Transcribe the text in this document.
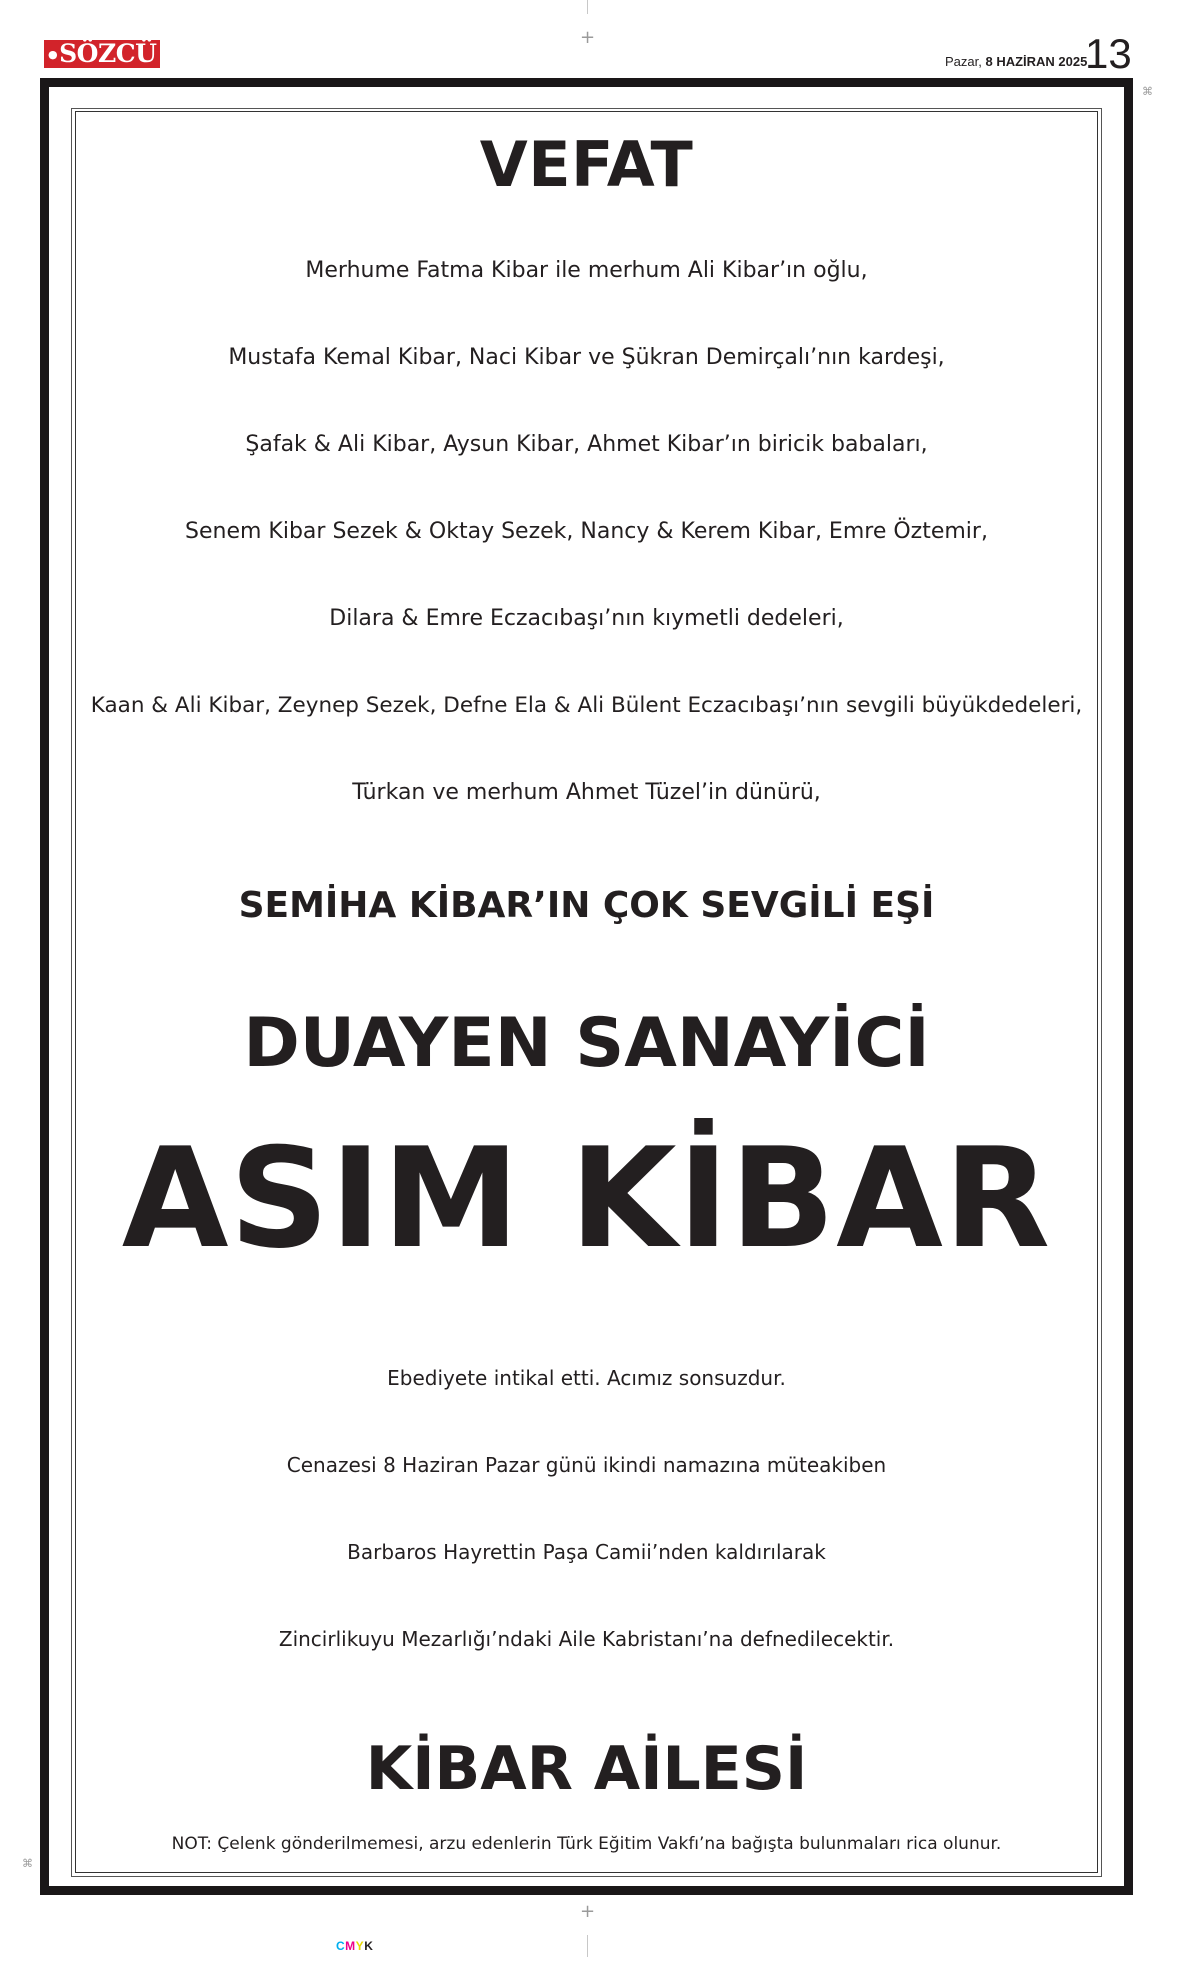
● SÖZCÜ	Pazar, 8 HAZİRAN 2025
13
+
+
⌘
⌘
VEFAT
Merhume Fatma Kibar ile merhum Ali Kibar’ın oğlu,
Mustafa Kemal Kibar, Naci Kibar ve Şükran Demirçalı’nın kardeşi,
Şafak & Ali Kibar, Aysun Kibar, Ahmet Kibar’ın biricik babaları,
Senem Kibar Sezek & Oktay Sezek, Nancy & Kerem Kibar, Emre Öztemir,
Dilara & Emre Eczacıbaşı’nın kıymetli dedeleri,
Kaan & Ali Kibar, Zeynep Sezek, Defne Ela & Ali Bülent Eczacıbaşı’nın sevgili büyükdedeleri,
Türkan ve merhum Ahmet Tüzel’in dünürü,
SEMİHA KİBAR’IN ÇOK SEVGİLİ EŞİ
DUAYEN SANAYİCİ
ASIM KİBAR
Ebediyete intikal etti. Acımız sonsuzdur.
Cenazesi 8 Haziran Pazar günü ikindi namazına müteakiben
Barbaros Hayrettin Paşa Camii’nden kaldırılarak
Zincirlikuyu Mezarlığı’ndaki Aile Kabristanı’na defnedilecektir.
KİBAR AİLESİ
NOT: Çelenk gönderilmemesi, arzu edenlerin Türk Eğitim Vakfı’na bağışta bulunmaları rica olunur.
CMYK
